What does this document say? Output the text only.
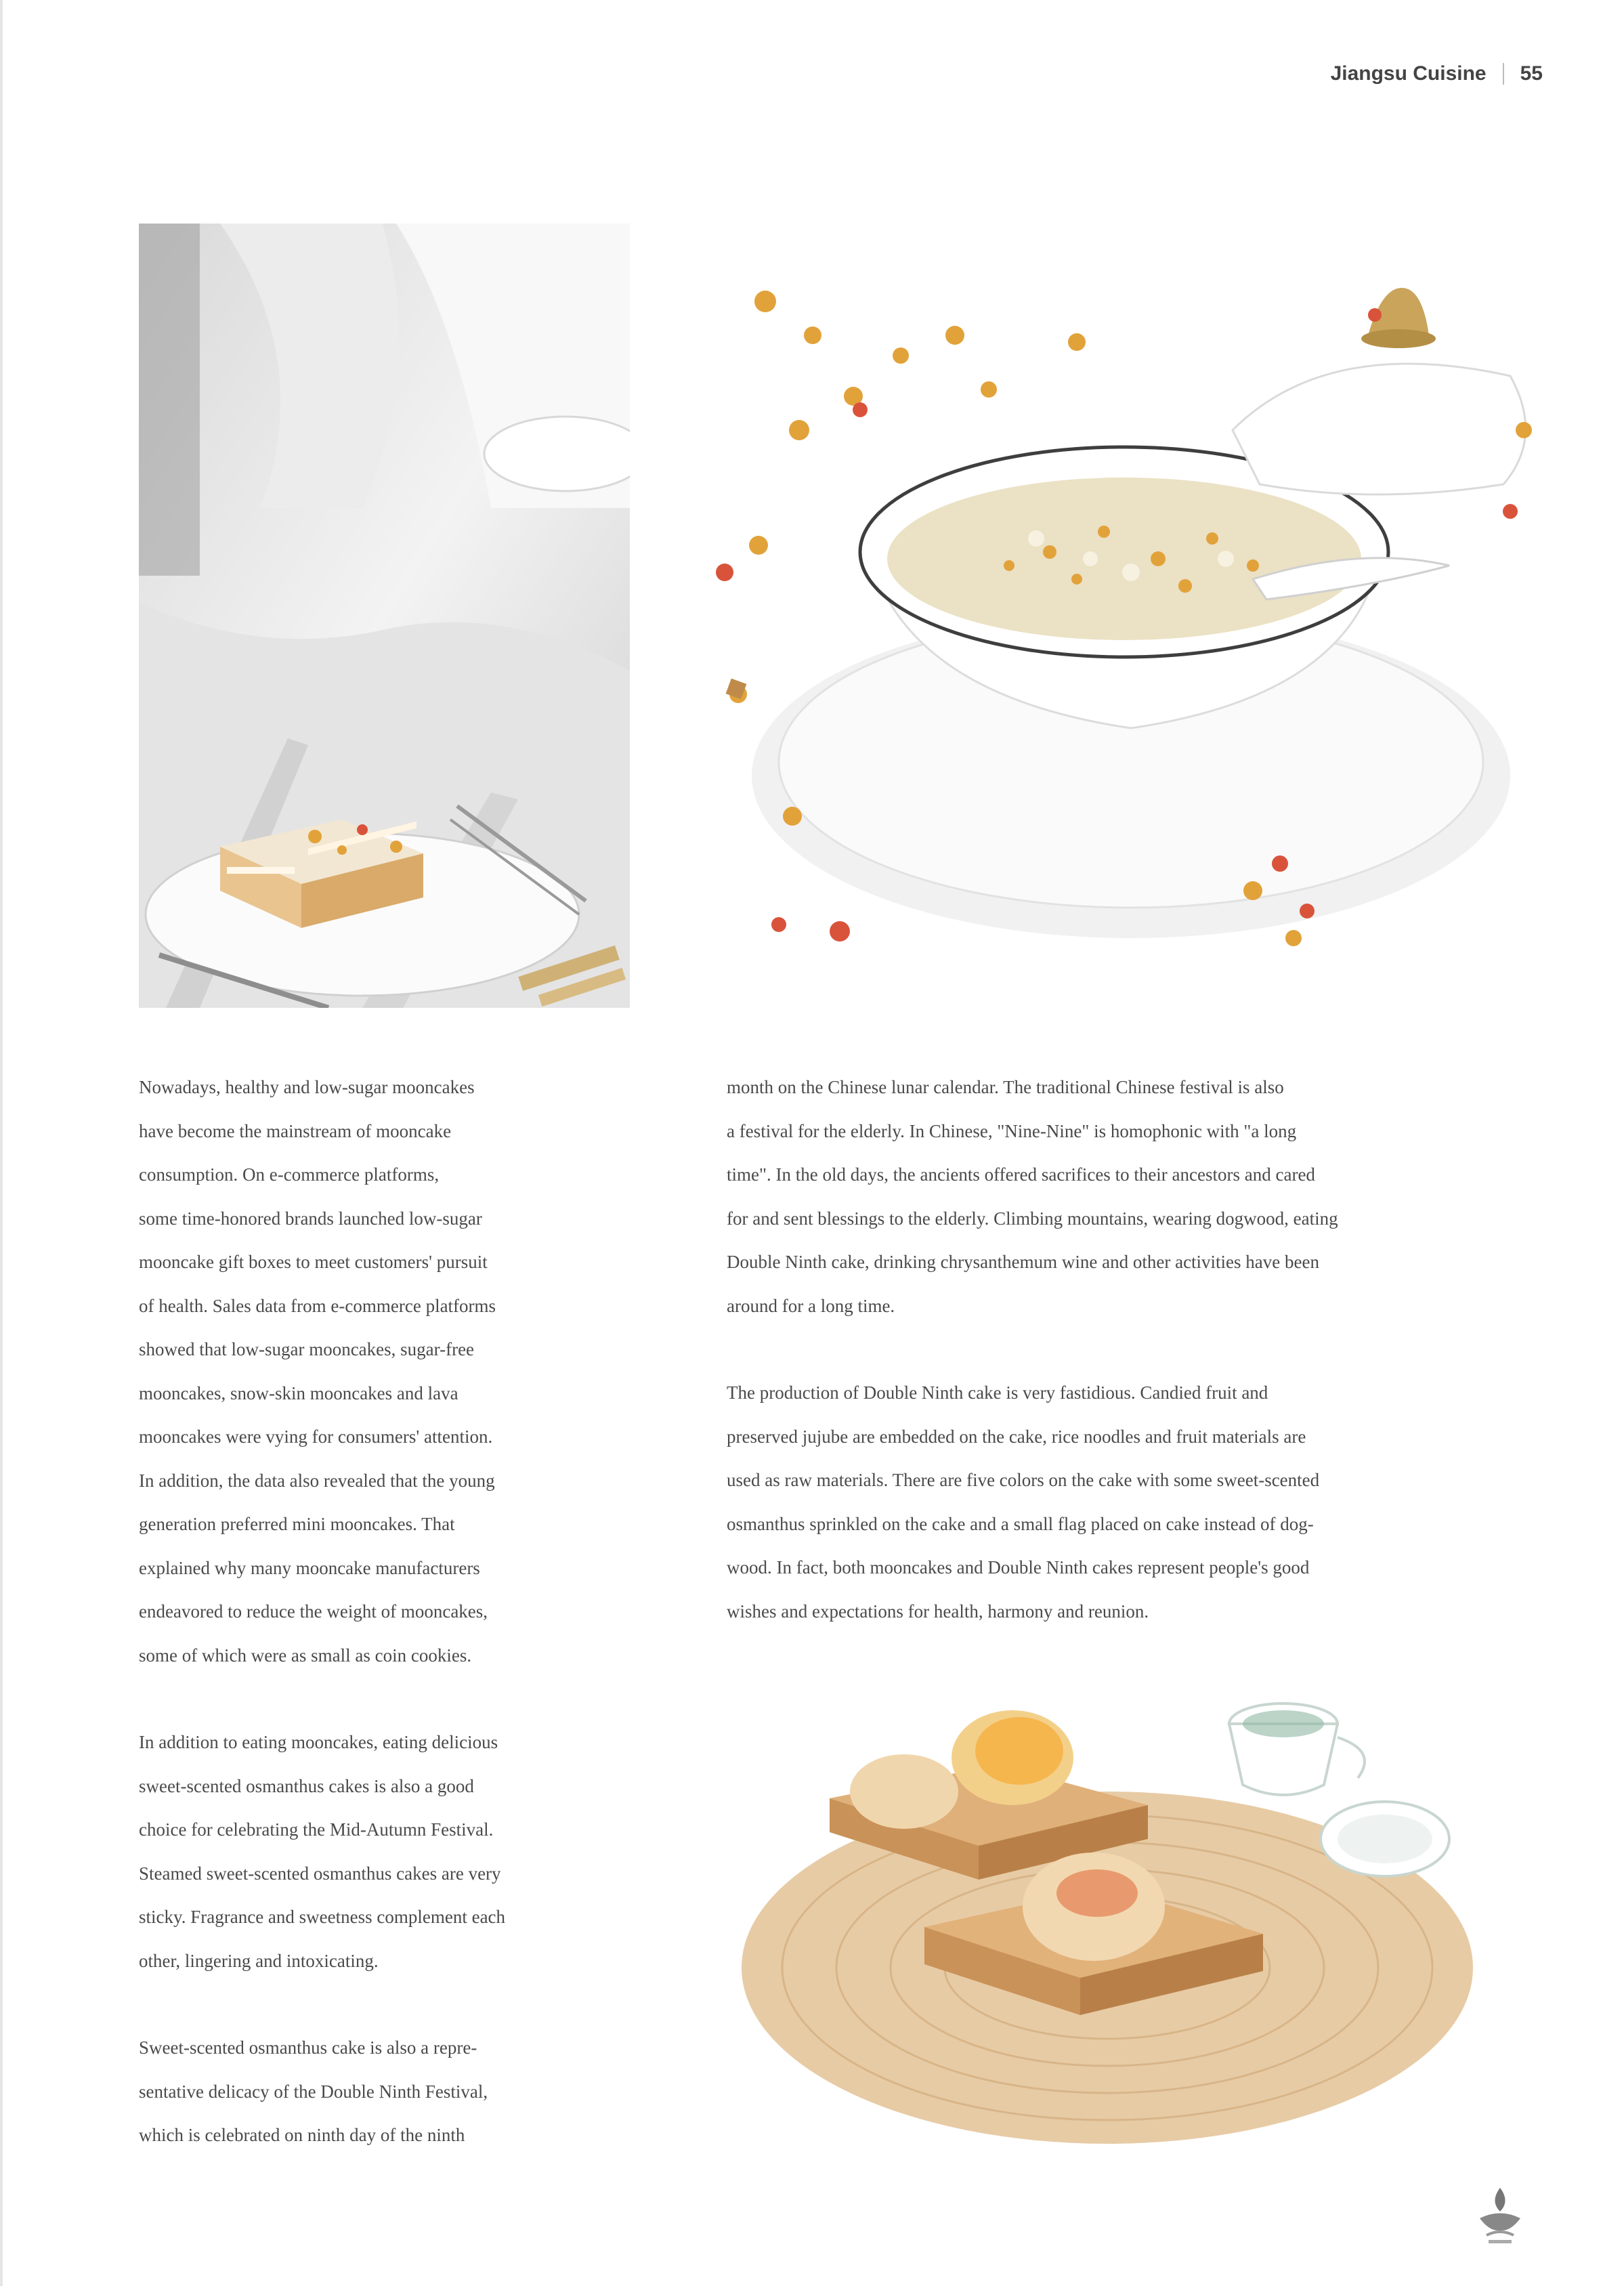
Jiangsu Cuisine 55

Nowadays, healthy and low-sugar mooncakes
have become the mainstream of mooncake
consumption. On e-commerce platforms,
some time-honored brands launched low-sugar
mooncake gift boxes to meet customers' pursuit
of health. Sales data from e-commerce platforms
showed that low-sugar mooncakes, sugar-free
mooncakes, snow-skin mooncakes and lava
mooncakes were vying for consumers' attention.
In addition, the data also revealed that the young
generation preferred mini mooncakes. That
explained why many mooncake manufacturers
endeavored to reduce the weight of mooncakes,
some of which were as small as coin cookies.

In addition to eating mooncakes, eating delicious
sweet-scented osmanthus cakes is also a good
choice for celebrating the Mid-Autumn Festival.
Steamed sweet-scented osmanthus cakes are very
sticky. Fragrance and sweetness complement each
other, lingering and intoxicating.

Sweet-scented osmanthus cake is also a repre-
sentative delicacy of the Double Ninth Festival,
which is celebrated on ninth day of the ninth

month on the Chinese lunar calendar. The traditional Chinese festival is also
a festival for the elderly. In Chinese, "Nine-Nine" is homophonic with "a long
time". In the old days, the ancients offered sacrifices to their ancestors and cared
for and sent blessings to the elderly. Climbing mountains, wearing dogwood, eating
Double Ninth cake, drinking chrysanthemum wine and other activities have been
around for a long time.

The production of Double Ninth cake is very fastidious. Candied fruit and
preserved jujube are embedded on the cake, rice noodles and fruit materials are
used as raw materials. There are five colors on the cake with some sweet-scented
osmanthus sprinkled on the cake and a small flag placed on cake instead of dog-
wood. In fact, both mooncakes and Double Ninth cakes represent people's good
wishes and expectations for health, harmony and reunion.
